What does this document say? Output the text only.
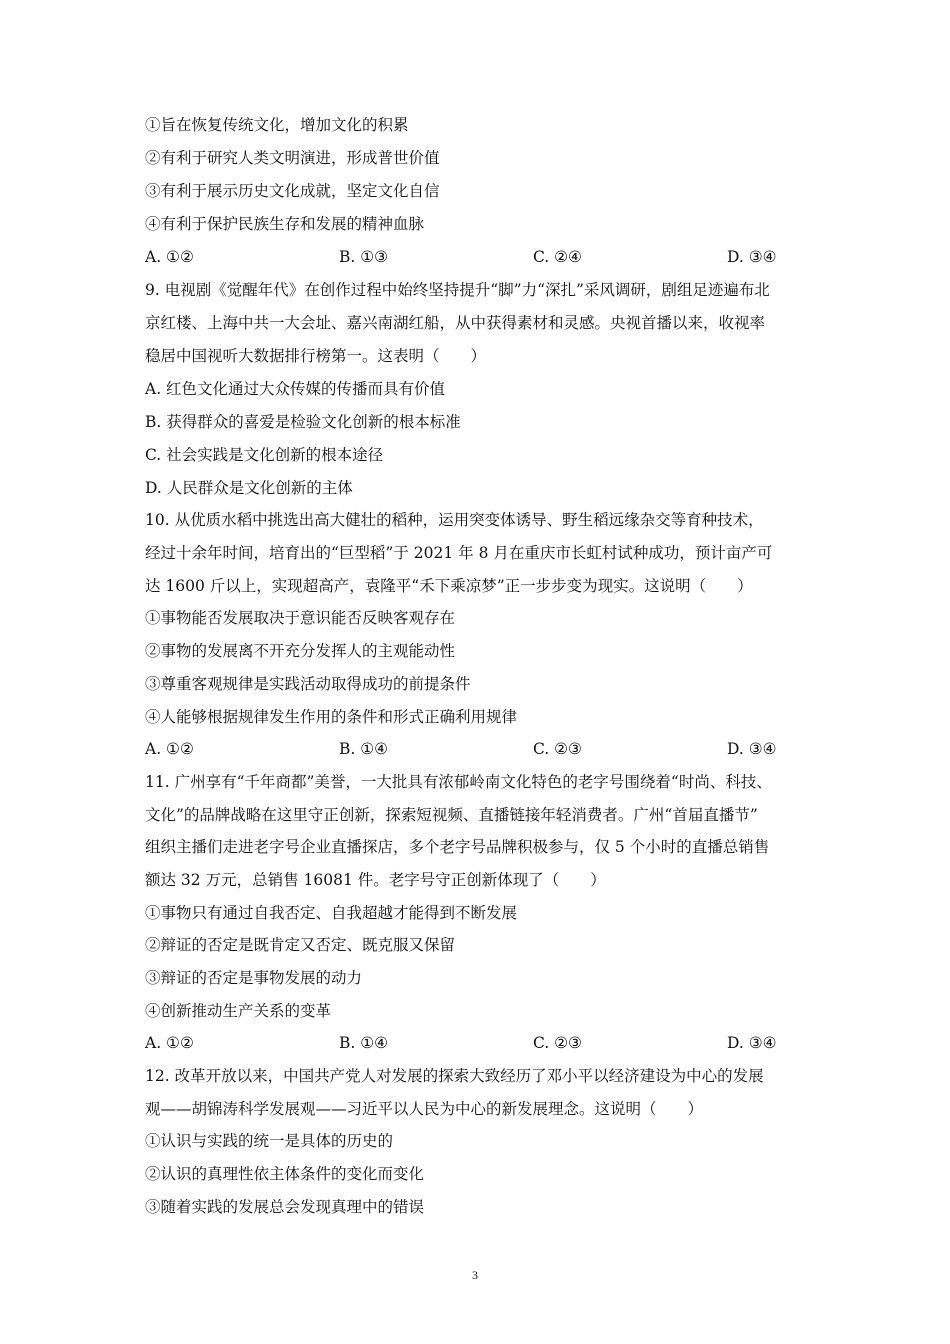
①旨在恢复传统文化，增加文化的积累
②有利于研究人类文明演进，形成普世价值
③有利于展示历史文化成就，坚定文化自信
④有利于保护民族生存和发展的精神血脉
A. ①②	B. ①③	C. ②④	D. ③④
9. 电视剧《觉醒年代》在创作过程中始终坚持提升“脚”力“深扎”采风调研，剧组足迹遍布北
京红楼、上海中共一大会址、嘉兴南湖红船，从中获得素材和灵感。央视首播以来，收视率
稳居中国视听大数据排行榜第一。这表明（　　）
A. 红色文化通过大众传媒的传播而具有价值
B. 获得群众的喜爱是检验文化创新的根本标准
C. 社会实践是文化创新的根本途径
D. 人民群众是文化创新的主体
10. 从优质水稻中挑选出高大健壮的稻种，运用突变体诱导、野生稻远缘杂交等育种技术，
经过十余年时间，培育出的“巨型稻”于 2021 年 8 月在重庆市长虹村试种成功，预计亩产可
达 1600 斤以上，实现超高产，袁隆平“禾下乘凉梦”正一步步变为现实。这说明（　　）
①事物能否发展取决于意识能否反映客观存在
②事物的发展离不开充分发挥人的主观能动性
③尊重客观规律是实践活动取得成功的前提条件
④人能够根据规律发生作用的条件和形式正确利用规律
A. ①②	B. ①④	C. ②③	D. ③④
11. 广州享有“千年商都”美誉，一大批具有浓郁岭南文化特色的老字号围绕着“时尚、科技、
文化”的品牌战略在这里守正创新，探索短视频、直播链接年轻消费者。广州“首届直播节”
组织主播们走进老字号企业直播探店，多个老字号品牌积极参与，仅 5 个小时的直播总销售
额达 32 万元，总销售 16081 件。老字号守正创新体现了（　　）
①事物只有通过自我否定、自我超越才能得到不断发展
②辩证的否定是既肯定又否定、既克服又保留
③辩证的否定是事物发展的动力
④创新推动生产关系的变革
A. ①②	B. ①④	C. ②③	D. ③④
12. 改革开放以来，中国共产党人对发展的探索大致经历了邓小平以经济建设为中心的发展
观——胡锦涛科学发展观——习近平以人民为中心的新发展理念。这说明（　　）
①认识与实践的统一是具体的历史的
②认识的真理性依主体条件的变化而变化
③随着实践的发展总会发现真理中的错误
3
